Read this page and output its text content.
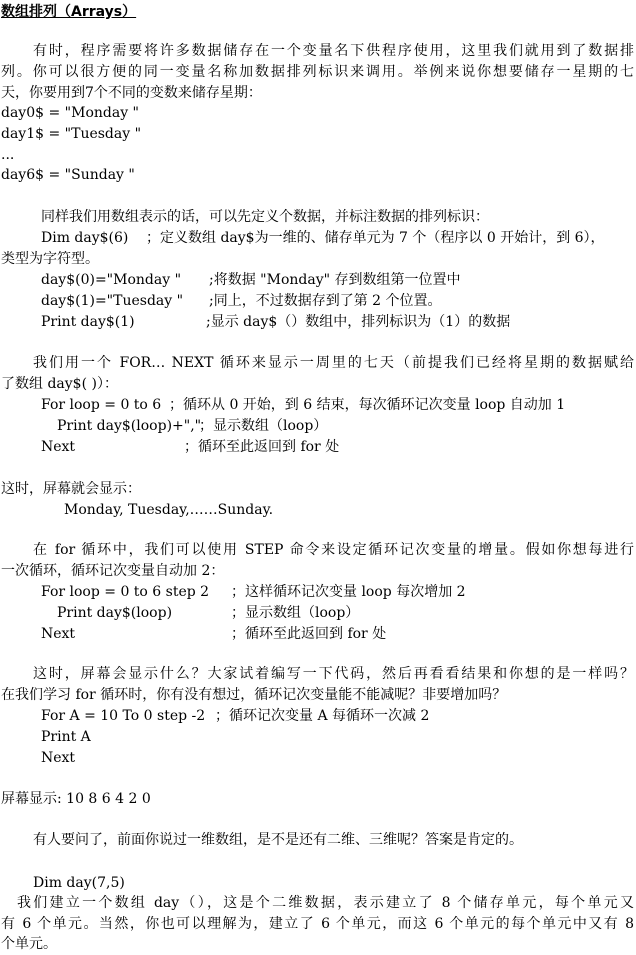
数组排列（Arrays）
有时，程序需要将许多数据储存在一个变量名下供程序使用，这里我们就用到了数据排
列。你可以很方便的同一变量名称加数据排列标识来调用。举例来说你想要储存一星期的七
天，你要用到7个不同的变数来储存星期：
day0$ = "Monday "
day1$ = "Tuesday "
...
day6$ = "Sunday "
同样我们用数组表示的话，可以先定义个数据，并标注数据的排列标识：
Dim day$(6) ；定义数组 day$为一维的、储存单元为 7 个（程序以 0 开始计，到 6），
类型为字符型。
day$(0)="Monday " ;将数据 "Monday" 存到数组第一位置中
day$(1)="Tuesday " ;同上，不过数据存到了第 2 个位置。
Print day$(1)	;显示 day$（）数组中，排列标识为（1）的数据
我们用一个 FOR… NEXT 循环来显示一周里的七天（前提我们已经将星期的数据赋给
了数组 day$( )）：
For loop = 0 to 6 ；循环从 0 开始，到 6 结束，每次循环记次变量 loop 自动加 1
Print day$(loop)+","
；显示数组（loop）
Next	；循环至此返回到 for 处
这时，屏幕就会显示：
Monday, Tuesday,……Sunday.
在 for 循环中，我们可以使用 STEP 命令来设定循环记次变量的增量。假如你想每进行
一次循环，循环记次变量自动加 2：
For loop = 0 to 6 step 2 ；这样循环记次变量 loop 每次增加 2
Print day$(loop)	；显示数组（loop）
Next	；循环至此返回到 for 处
这时，屏幕会显示什么？大家试着编写一下代码，然后再看看结果和你想的是一样吗？
在我们学习 for 循环时，你有没有想过，循环记次变量能不能减呢？非要增加吗？
For A = 10 To 0 step -2 ；循环记次变量 A 每循环一次减 2
Print A
Next
屏幕显示: 10 8 6 4 2 0
有人要问了，前面你说过一维数组，是不是还有二维、三维呢？答案是肯定的。
Dim day(7,5)
我们建立一个数组 day（），这是个二维数据，表示建立了 8 个储存单元，每个单元又
有 6 个单元。当然，你也可以理解为，建立了 6 个单元，而这 6 个单元的每个单元中又有 8
个单元。
